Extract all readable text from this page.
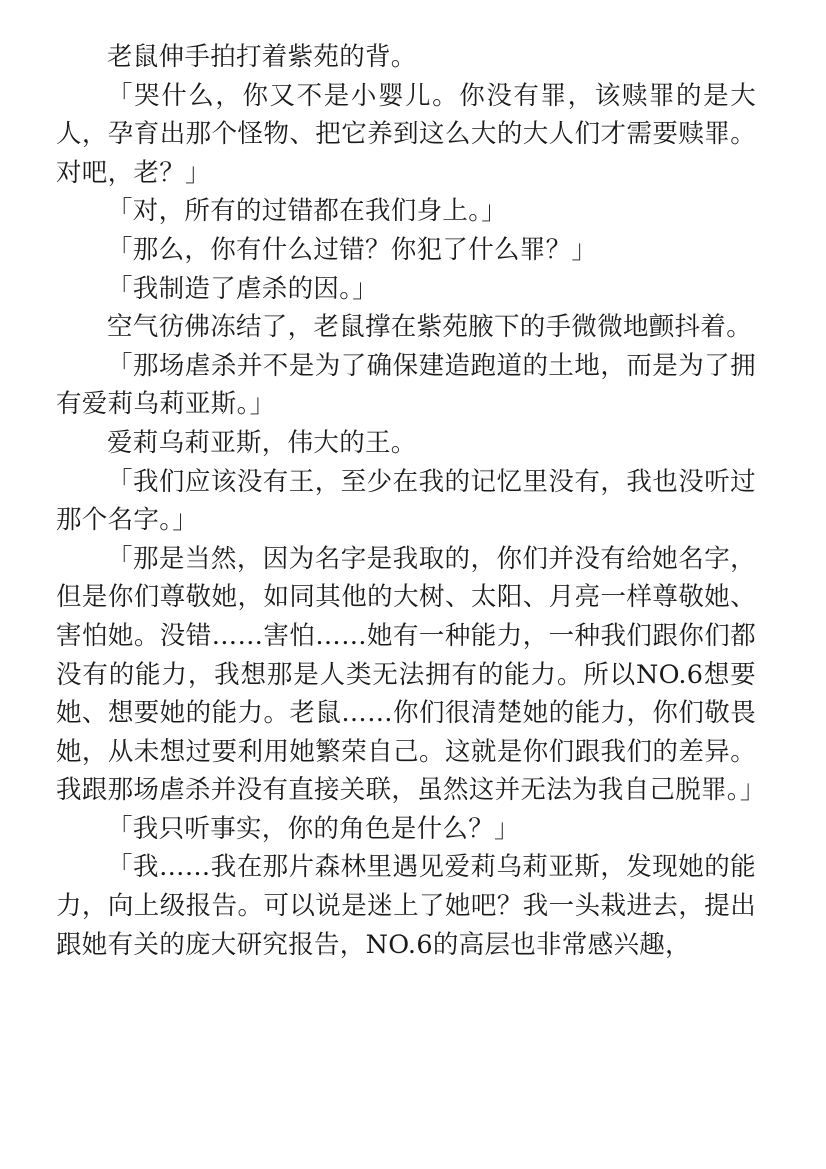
老鼠伸手拍打着紫苑的背。

「哭什么，你又不是小婴儿。你没有罪，该赎罪的是大人，孕育出那个怪物、把它养到这么大的大人们才需要赎罪。对吧，老？」

「对，所有的过错都在我们身上。」

「那么，你有什么过错？你犯了什么罪？」

「我制造了虐杀的因。」

空气彷佛冻结了，老鼠撑在紫苑腋下的手微微地颤抖着。

「那场虐杀并不是为了确保建造跑道的土地，而是为了拥有爱莉乌莉亚斯。」

爱莉乌莉亚斯，伟大的王。

「我们应该没有王，至少在我的记忆里没有，我也没听过那个名字。」

「那是当然，因为名字是我取的，你们并没有给她名字，但是你们尊敬她，如同其他的大树、太阳、月亮一样尊敬她、害怕她。没错……害怕……她有一种能力，一种我们跟你们都没有的能力，我想那是人类无法拥有的能力。所以NO.6想要她、想要她的能力。老鼠……你们很清楚她的能力，你们敬畏她，从未想过要利用她繁荣自己。这就是你们跟我们的差异。我跟那场虐杀并没有直接关联，虽然这并无法为我自己脱罪。」

「我只听事实，你的角色是什么？」

「我……我在那片森林里遇见爱莉乌莉亚斯，发现她的能力，向上级报告。可以说是迷上了她吧？我一头栽进去，提出跟她有关的庞大研究报告，NO.6的高层也非常感兴趣，
